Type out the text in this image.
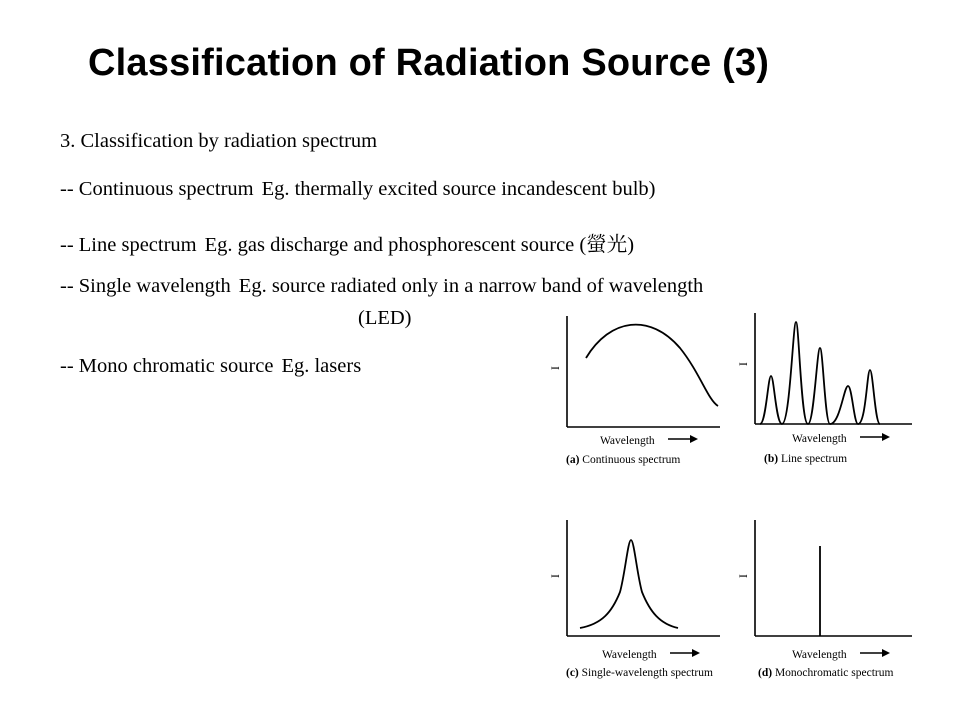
Classification of Radiation Source (3)
3. Classification by radiation spectrum
-- Continuous spectrum Eg. thermally excited source incandescent bulb)
-- Line spectrum Eg. gas discharge and phosphorescent source (螢光)
-- Single wavelength Eg. source radiated only in a narrow band of wavelength
(LED)
-- Mono chromatic source Eg. lasers	I
Wavelength
(a) Continuous spectrum
I
Wavelength
(b) Line spectrum
I
Wavelength
(c) Single-wavelength spectrum
I
Wavelength
(d) Monochromatic spectrum
